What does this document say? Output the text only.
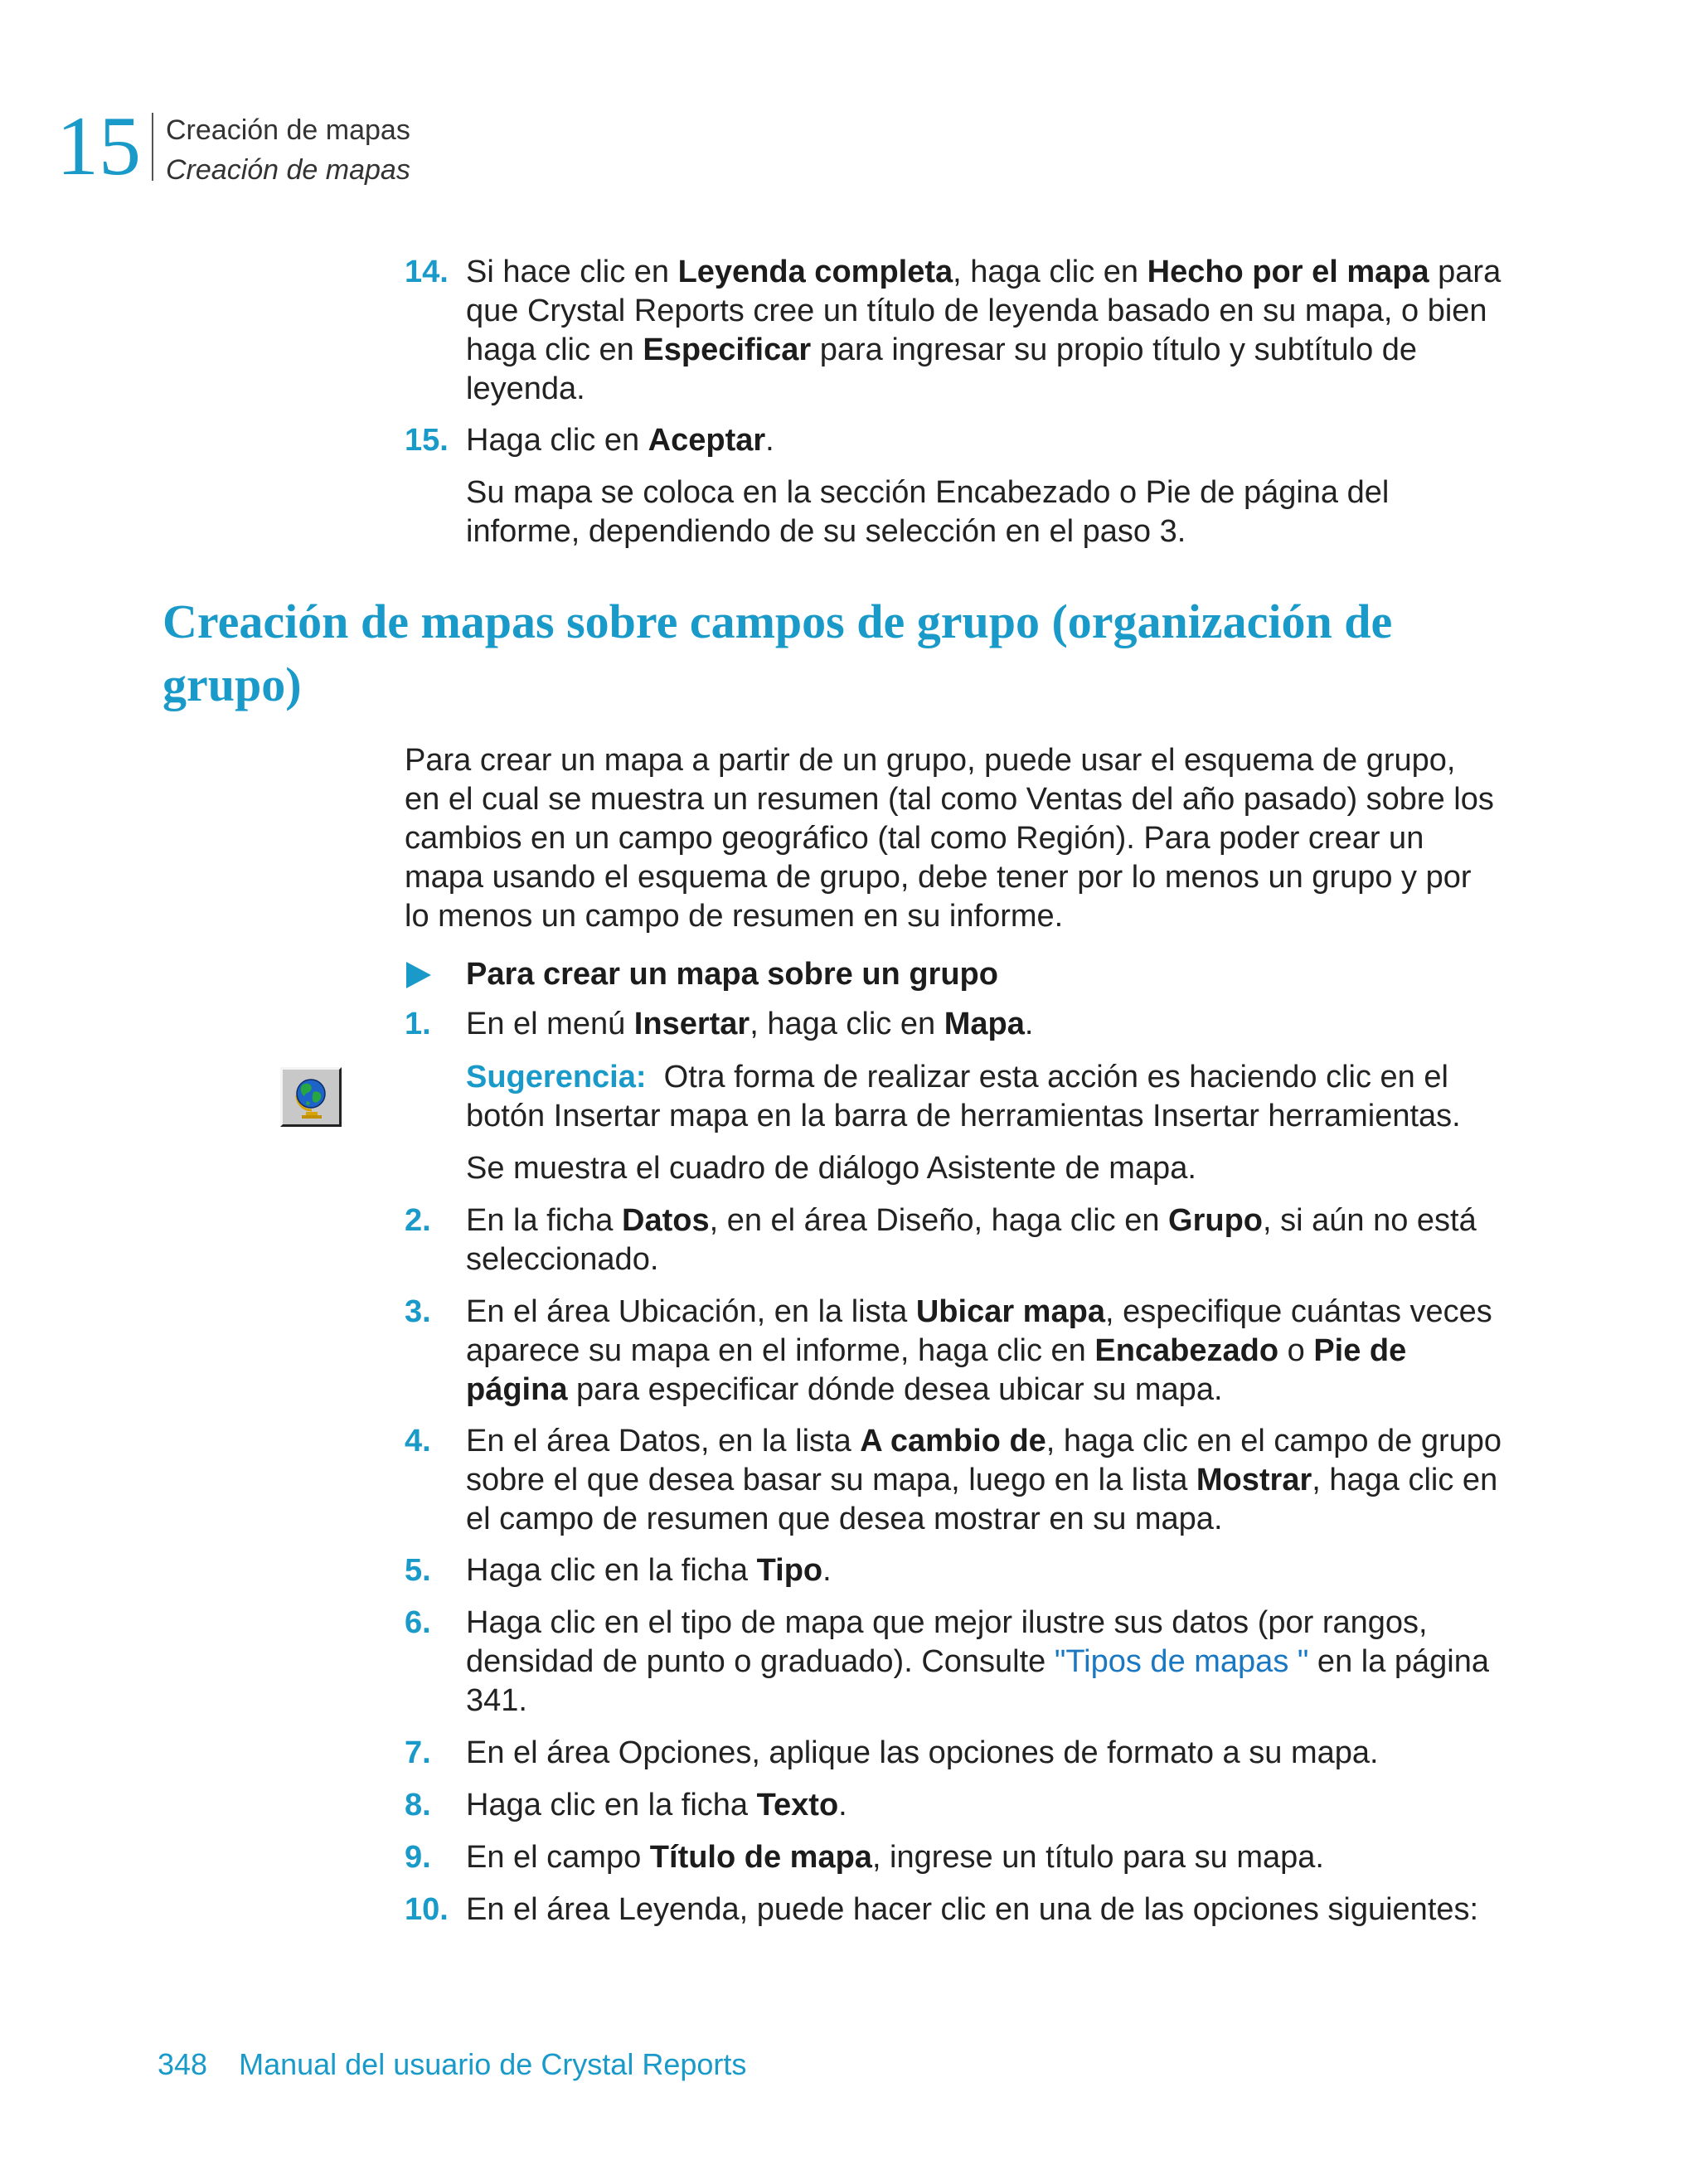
15 Creación de mapas
Creación de mapas
14. Si hace clic en Leyenda completa, haga clic en Hecho por el mapa para que Crystal Reports cree un título de leyenda basado en su mapa, o bien haga clic en Especificar para ingresar su propio título y subtítulo de leyenda.
15. Haga clic en Aceptar.
Su mapa se coloca en la sección Encabezado o Pie de página del informe, dependiendo de su selección en el paso 3.
Creación de mapas sobre campos de grupo (organización de grupo)
Para crear un mapa a partir de un grupo, puede usar el esquema de grupo, en el cual se muestra un resumen (tal como Ventas del año pasado) sobre los cambios en un campo geográfico (tal como Región). Para poder crear un mapa usando el esquema de grupo, debe tener por lo menos un grupo y por lo menos un campo de resumen en su informe.
Para crear un mapa sobre un grupo
1. En el menú Insertar, haga clic en Mapa.
Sugerencia: Otra forma de realizar esta acción es haciendo clic en el botón Insertar mapa en la barra de herramientas Insertar herramientas.
Se muestra el cuadro de diálogo Asistente de mapa.
2. En la ficha Datos, en el área Diseño, haga clic en Grupo, si aún no está seleccionado.
3. En el área Ubicación, en la lista Ubicar mapa, especifique cuántas veces aparece su mapa en el informe, haga clic en Encabezado o Pie de página para especificar dónde desea ubicar su mapa.
4. En el área Datos, en la lista A cambio de, haga clic en el campo de grupo sobre el que desea basar su mapa, luego en la lista Mostrar, haga clic en el campo de resumen que desea mostrar en su mapa.
5. Haga clic en la ficha Tipo.
6. Haga clic en el tipo de mapa que mejor ilustre sus datos (por rangos, densidad de punto o graduado). Consulte "Tipos de mapas " en la página 341.
7. En el área Opciones, aplique las opciones de formato a su mapa.
8. Haga clic en la ficha Texto.
9. En el campo Título de mapa, ingrese un título para su mapa.
10. En el área Leyenda, puede hacer clic en una de las opciones siguientes:
348 Manual del usuario de Crystal Reports
